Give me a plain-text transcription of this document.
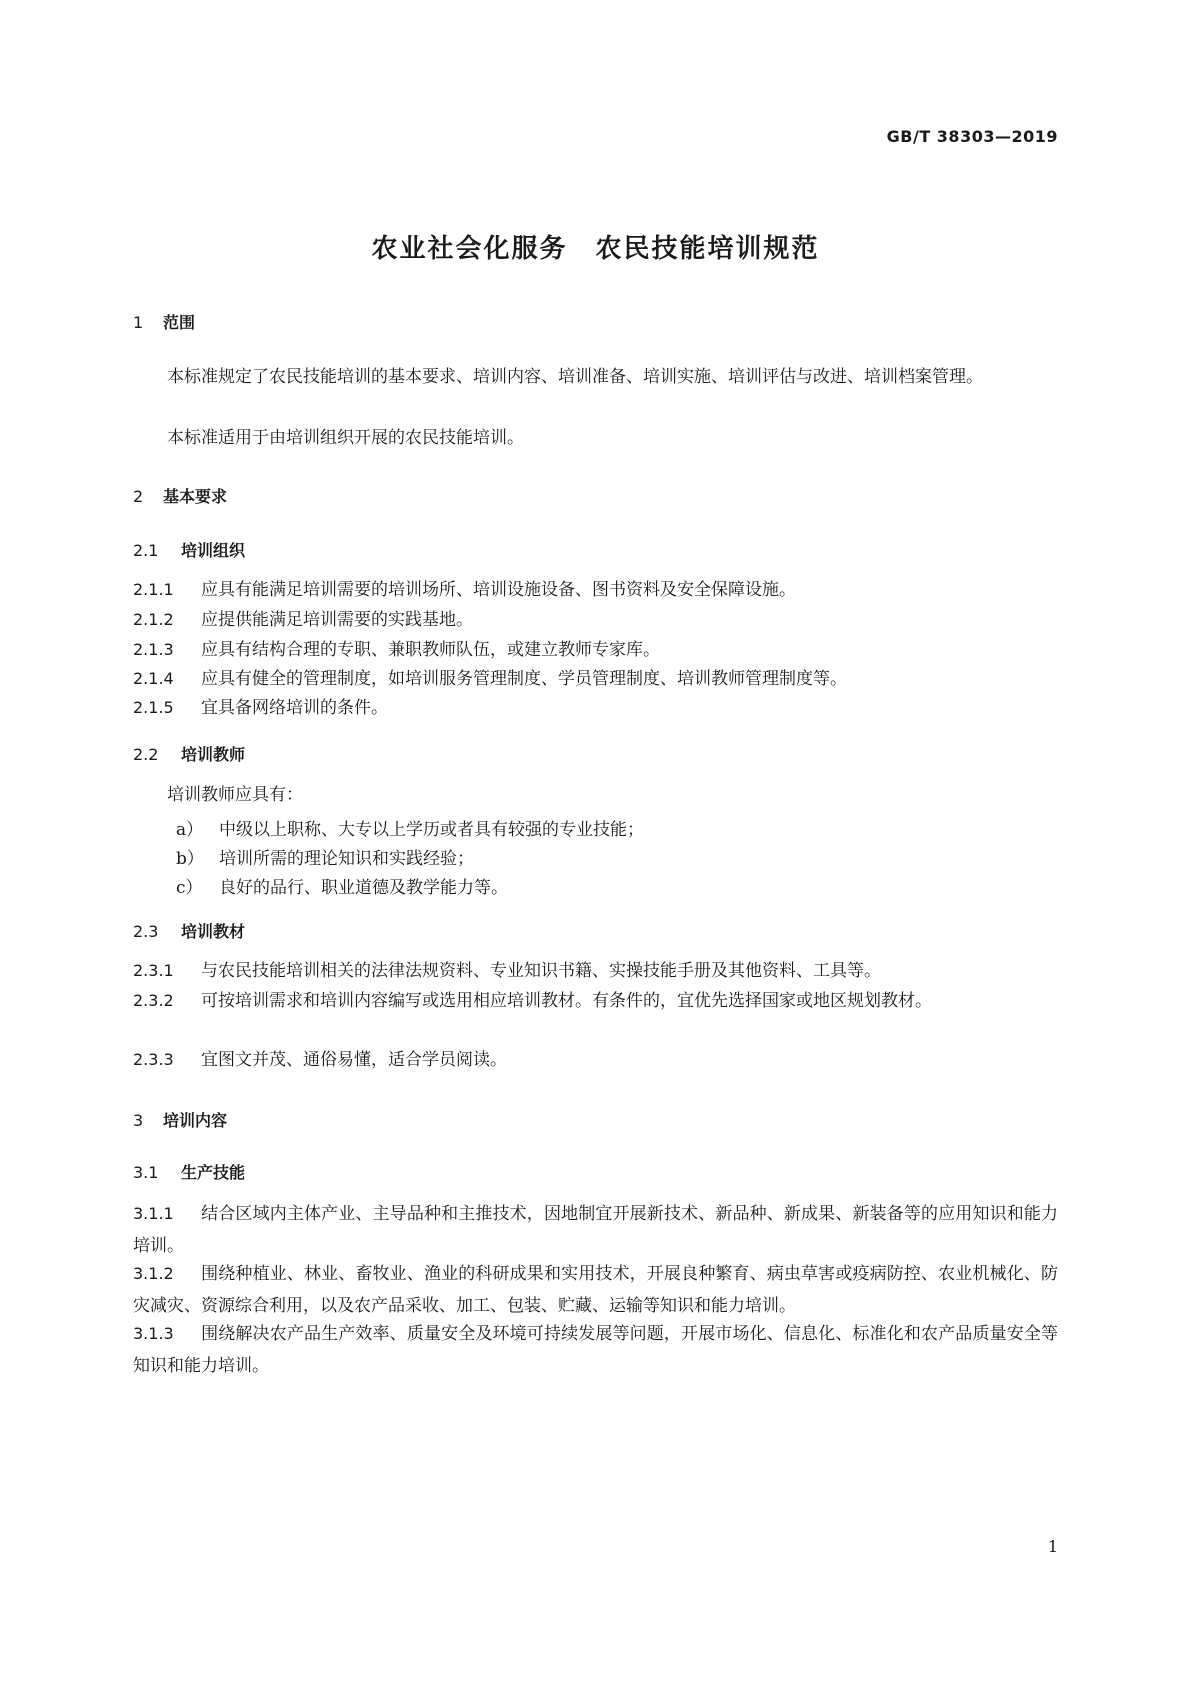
GB/T 38303—2019
农业社会化服务　农民技能培训规范
1 范围
本标准规定了农民技能培训的基本要求、培训内容、培训准备、培训实施、培训评估与改进、培训档案管理。
本标准适用于由培训组织开展的农民技能培训。
2 基本要求
2.1 培训组织
2.1.1 应具有能满足培训需要的培训场所、培训设施设备、图书资料及安全保障设施。
2.1.2 应提供能满足培训需要的实践基地。
2.1.3 应具有结构合理的专职、兼职教师队伍，或建立教师专家库。
2.1.4 应具有健全的管理制度，如培训服务管理制度、学员管理制度、培训教师管理制度等。
2.1.5 宜具备网络培训的条件。
2.2 培训教师
培训教师应具有：
a） 中级以上职称、大专以上学历或者具有较强的专业技能；
b） 培训所需的理论知识和实践经验；
c） 良好的品行、职业道德及教学能力等。
2.3 培训教材
2.3.1 与农民技能培训相关的法律法规资料、专业知识书籍、实操技能手册及其他资料、工具等。
2.3.2 可按培训需求和培训内容编写或选用相应培训教材。有条件的，宜优先选择国家或地区规划教材。
2.3.3 宜图文并茂、通俗易懂，适合学员阅读。
3 培训内容
3.1 生产技能
3.1.1 结合区域内主体产业、主导品种和主推技术，因地制宜开展新技术、新品种、新成果、新装备等的应用知识和能力培训。
3.1.2 围绕种植业、林业、畜牧业、渔业的科研成果和实用技术，开展良种繁育、病虫草害或疫病防控、农业机械化、防灾减灾、资源综合利用，以及农产品采收、加工、包装、贮藏、运输等知识和能力培训。
3.1.3 围绕解决农产品生产效率、质量安全及环境可持续发展等问题，开展市场化、信息化、标准化和农产品质量安全等知识和能力培训。
1
